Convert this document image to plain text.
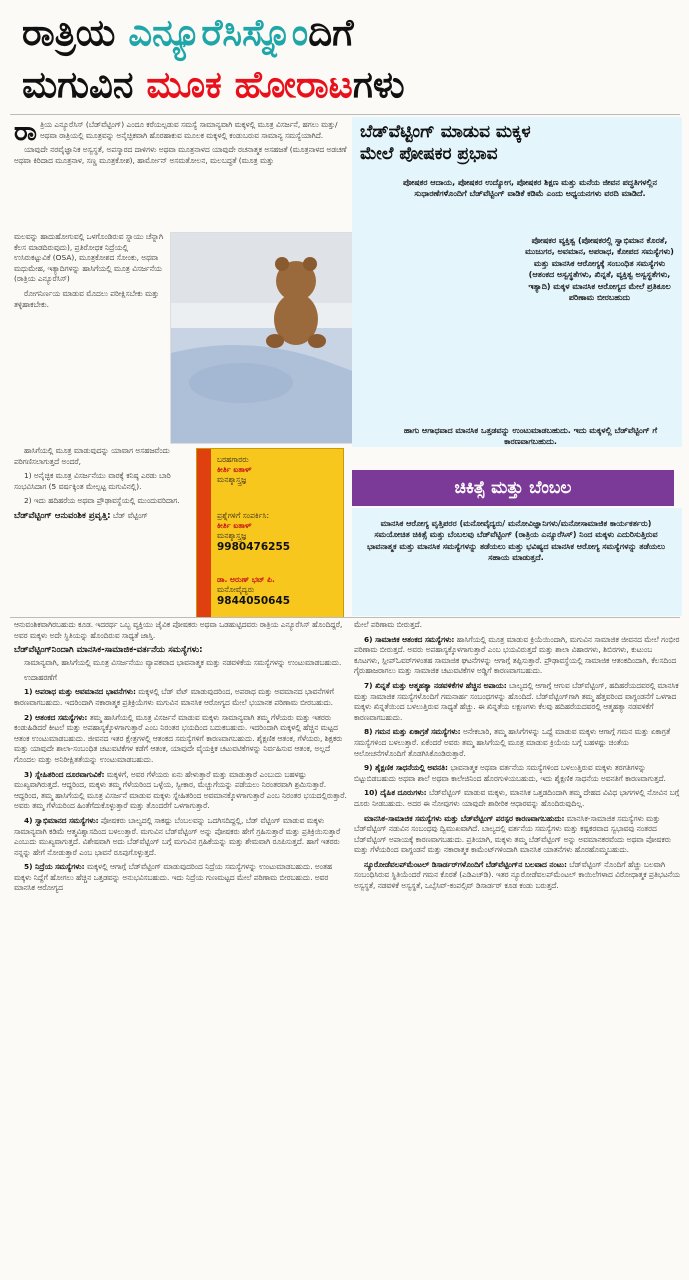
ರಾತ್ರಿಯ ಎನ್ಯೂರೆಸಿಸ್ನೊಂದಿಗೆ
ಮಗುವಿನ ಮೂಕ ಹೋರಾಟಗಳು
ರಾ ತ್ರಿಯ ಎನ್ಯೂರೆಸಿಸ್ (ಬೆಡ್‌ವೆಟ್ಟಿಂಗ್) ಎಂದೂ ಕರೆಯಲ್ಪಡುವ ಸಮಸ್ಯೆ ಸಾಮಾನ್ಯವಾಗಿ ಮಕ್ಕಳಲ್ಲಿ ಮೂತ್ರ ವಿಸರ್ಜನೆ, ಹಗಲು ಮತ್ತು/ಅಥವಾ ರಾತ್ರಿಯಲ್ಲಿ ಮೂತ್ರವನ್ನು ಅನೈಚ್ಛಿಕವಾಗಿ ಹೊರಹಾಕುವ ಮೂಲಕ ಮಕ್ಕಳಲ್ಲಿ ಕಂಡುಬರುವ ಸಾಮಾನ್ಯ ಸಮಸ್ಯೆಯಾಗಿದೆ.

ಯಾವುದೇ ನರವೈಜ್ಞಾನಿಕ ಅಸ್ವಸ್ಥತೆ, ಅಪಸ್ಮಾರದ ದಾಳಿಗಳು ಅಥವಾ ಮೂತ್ರನಾಳದ ಯಾವುದೇ ರಚನಾತ್ಮಕ ಅಸಹಜತೆ (ಮೂತ್ರನಾಳದ ಅಡಚಣೆ ಅಥವಾ ಕಿರಿದಾದ ಮೂತ್ರನಾಳ, ಸಣ್ಣ ಮೂತ್ರಕೋಶ), ಹಾರ್ಮೋನ್ ಅಸಮತೋಲನ, ಮಲಬದ್ಧತೆ (ಮೂತ್ರ ಮತ್ತು

ಮಲವನ್ನು ಹಾದುಹೋಗುವಲ್ಲಿ ಒಳಗೊಂಡಿರುವ ಸ್ನಾಯು ಚೆನ್ನಾಗಿ ಕೆಲಸ ಮಾಡದಿರುವುದು), ಪ್ರತಿರೋಧಕ ನಿದ್ರೆಯಲ್ಲಿ ಉಸಿರುಕಟ್ಟುವಿಕೆ (OSA), ಮೂತ್ರಕೋಶದ ಸೋಂಕು, ಅಥವಾ ಮಧುಮೇಹ, ಇತ್ಯಾದಿಗಳನ್ನು ಹಾಸಿಗೆಯಲ್ಲಿ ಮೂತ್ರ ವಿಸರ್ಜನೆಯ (ರಾತ್ರಿಯ ಎನ್ಯೂರೆಸಿಸ್)

ರೋಗನಿರ್ಣಯ ಮಾಡುವ ಮೊದಲು ಪರೀಕ್ಷಿಸಬೇಕು ಮತ್ತು ತಳ್ಳಿಹಾಕಬೇಕು.

ಬೆಡ್‌ವೆಟ್ಟಿಂಗ್ ಮಾಡುವ ಮಕ್ಕಳ
ಮೇಲೆ ಪೋಷಕರ ಪ್ರಭಾವ
ಪೋಷಕರ ಆದಾಯ, ಪೋಷಕರ ಉದ್ಯೋಗ, ಪೋಷಕರ ಶಿಕ್ಷಣ ಮತ್ತು ಮನೆಯ ಜೀವನ ಪದ್ಧತಿಗಳಲ್ಲಿನ ಸುಧಾರಣೆಗಳೊಂದಿಗೆ ಬೆಡ್‌ವೆಟ್ಟಿಂಗ್ ವಾಡಿಕೆ ಕಡಿಮೆ ಎಂದು ಅಧ್ಯಯನಗಳು ವರದಿ ಮಾಡಿದೆ.
ಪೋಷಕರ ವ್ಯಕ್ತಿತ್ವ (ಪೋಷಕರಲ್ಲಿ ಸ್ವಾಭಿಮಾನ ಕೊರತೆ, ಮುಜುಗರ, ಅವಮಾನ, ಅಪರಾಧ, ಕೋಪದ ಸಮಸ್ಯೆಗಳು) ಮತ್ತು ಮಾನಸಿಕ ಆರೋಗ್ಯಕ್ಕೆ ಸಂಬಂಧಿತ ಸಮಸ್ಯೆಗಳು (ಆತಂಕದ ಅಸ್ವಸ್ಥತೆಗಳು, ಖಿನ್ನತೆ, ವ್ಯಕ್ತಿತ್ವ ಅಸ್ವಸ್ಥತೆಗಳು, ಇತ್ಯಾದಿ) ಮಕ್ಕಳ ಮಾನಸಿಕ ಆರೋಗ್ಯದ ಮೇಲೆ ಪ್ರತಿಕೂಲ ಪರಿಣಾಮ ಬೀರಬಹುದು
ಹಾಗು ಆಗಾಧವಾದ ಮಾನಸಿಕ ಒತ್ತಡವನ್ನು ಉಂಟುಮಾಡಬಹುದು. ಇದು ಮಕ್ಕಳಲ್ಲಿ ಬೆಡ್‌ವೆಟ್ಟಿಂಗ್ ಗೆ ಕಾರಣವಾಗಬಹುದು.

ಹಾಸಿಗೆಯಲ್ಲಿ ಮೂತ್ರ ಮಾಡುವುದನ್ನು ಯಾವಾಗ ಅಸಹಜವೆಂದು ಪರಿಗಣಿಸಲಾಗುತ್ತದೆ ಅಂದರೆ,

1) ಅನೈಚ್ಛಿಕ ಮೂತ್ರ ವಿಸರ್ಜನೆಯು ವಾರಕ್ಕೆ ಕನಿಷ್ಠ ಎರಡು ಬಾರಿ ಸಂಭವಿಸಿದಾಗ (5 ವರ್ಷಕ್ಕಿಂತ ಮೇಲ್ಪಟ್ಟ ಮಗುವಿನಲ್ಲಿ).

2) ಇದು ಹದಿಹರೆಯ ಅಥವಾ ಪ್ರೌಢಾವಸ್ಥೆಯಲ್ಲಿ ಮುಂದುವರಿದಾಗ.

ಬೆಡ್‌ವೆಟ್ಟಿಂಗ್ ಆನುವಂಶಿಕ ಪ್ರವೃತ್ತಿ: ಬೆಡ್ ವೆಟ್ಟಿಂಗ್
ಬರಹಗಾರರು
ಕೀರ್ತಿ ಐತಾಳ್
ಮನಶ್ಶಾಸ್ತ್ರಜ್ಞ
ಪ್ರಶ್ನೆಗಳಿಗೆ ಸಂಪರ್ಕಿಸಿ:
ಕೀರ್ತಿ ಐತಾಳ್
ಮನಶ್ಶಾಸ್ತ್ರಜ್ಞ
9980476255
ಡಾ. ಅರುಣ್ ಭಟ್ ಪಿ.
ಮನೋವೈದ್ಯರು
9844050645
ಚಿಕಿತ್ಸೆ ಮತ್ತು ಬೆಂಬಲ

ಮಾನಸಿಕ ಆರೋಗ್ಯ ವೃತ್ತಿಪರರ (ಮನೋವೈದ್ಯರು/ ಮನೋವಿಜ್ಞಾನಿಗಳು/ಮನೋಸಾಮಾಜಿಕ ಕಾರ್ಯಕರ್ತರು) ಸಮಯೋಚಿತ ಚಿಕಿತ್ಸೆ ಮತ್ತು ಬೆಂಬಲವು ಬೆಡ್‌ವೆಟ್ಟಿಂಗ್ (ರಾತ್ರಿಯ ಎನ್ಯೂರೆಸಿಸ್) ನಿಂದ ಮಕ್ಕಳು ಎದುರಿಸುತ್ತಿರುವ ಭಾವನಾತ್ಮಕ ಮತ್ತು ಮಾನಸಿಕ ಸಮಸ್ಯೆಗಳನ್ನು ತಡೆಯಲು ಮತ್ತು ಭವಿಷ್ಯದ ಮಾನಸಿಕ ಆರೋಗ್ಯ ಸಮಸ್ಯೆಗಳನ್ನು ತಡೆಯಲು ಸಹಾಯ ಮಾಡುತ್ತದೆ.

ಆನುವಂಶಿಕವಾಗಿರಬಹುದು ಕೂಡ. ಇದರರ್ಥ ಒಬ್ಬ ವ್ಯಕ್ತಿಯು ಜೈವಿಕ ಪೋಷಕರು ಅಥವಾ ಒಡಹುಟ್ಟಿದವರು ರಾತ್ರಿಯ ಎನ್ಯೂರೆಸಿಸ್ ಹೊಂದಿದ್ದರೆ, ಅವರ ಮಕ್ಕಳು ಅದೇ ಸ್ಥಿತಿಯನ್ನು ಹೊಂದಿರುವ ಸಾಧ್ಯತೆ ಜಾಸ್ತಿ.

ಬೆಡ್‌ವೆಟ್ಟಿಂಗ್‌ನಿಂದಾಗಿ ಮಾನಸಿಕ-ಸಾಮಾಜಿಕ-ವರ್ತನೆಯ ಸಮಸ್ಯೆಗಳು:

ಸಾಮಾನ್ಯವಾಗಿ, ಹಾಸಿಗೆಯಲ್ಲಿ ಮೂತ್ರ ವಿಸರ್ಜನೆಯು ವ್ಯಾಪಕವಾದ ಭಾವನಾತ್ಮಕ ಮತ್ತು ನಡವಳಿಕೆಯ ಸಮಸ್ಯೆಗಳನ್ನು ಉಂಟುಮಾಡಬಹುದು.

ಉದಾಹರಣೆಗೆ

1) ಅಪರಾಧ ಮತ್ತು ಅವಮಾನದ ಭಾವನೆಗಳು: ಮಕ್ಕಳಲ್ಲಿ ಬೆಡ್ ವೆಟ್ ಮಾಡುವುದರಿಂದ, ಅಪರಾಧ ಮತ್ತು ಅವಮಾನದ ಭಾವನೆಗಳಿಗೆ ಕಾರಣವಾಗಬಹುದು. ಇದರಿಂದಾಗಿ ನಕಾರಾತ್ಮಕ ಪ್ರತಿಕ್ರಿಯೆಗಳು ಮಗುವಿನ ಮಾನಸಿಕ ಆರೋಗ್ಯದ ಮೇಲೆ ಭಯಾನಕ ಪರಿಣಾಮ ಬೀರಬಹುದು.

2) ಆತಂಕದ ಸಮಸ್ಯೆಗಳು: ತಮ್ಮ ಹಾಸಿಗೆಯಲ್ಲಿ ಮೂತ್ರ ವಿಸರ್ಜನೆ ಮಾಡುವ ಮಕ್ಕಳು ಸಾಮಾನ್ಯವಾಗಿ ತಮ್ಮ ಗೆಳೆಯರು ಮತ್ತು ಇತರರು ಕಂಡುಹಿಡಿದರೆ ಕೀಟಲೆ ಮತ್ತು ಅಪಹಾಸ್ಯಕ್ಕೊಳಗಾಗುತ್ತಾರೆ ಎಂಬ ನಿರಂತರ ಭಯದಿಂದ ಬದುಕಬಹುದು. ಇದರಿಂದಾಗಿ ಮಕ್ಕಳಲ್ಲಿ ಹೆಚ್ಚಿನ ಮಟ್ಟದ ಆತಂಕ ಉಂಟುಮಾಡಬಹುದು. ಜೀವನದ ಇತರ ಕ್ಷೇತ್ರಗಳಲ್ಲಿ ಆತಂಕದ ಸಮಸ್ಯೆಗಳಿಗೆ ಕಾರಣವಾಗಬಹುದು. ಶೈಕ್ಷಣಿಕ ಆತಂಕ, ಗೆಳೆಯರು, ಶಿಕ್ಷಕರು ಮತ್ತು ಯಾವುದೇ ಶಾಲಾ-ಸಂಬಂಧಿತ ಚಟುವಟಿಕೆಗಳ ಕಡೆಗೆ ಆತಂಕ, ಯಾವುದೇ ವೈಯಕ್ತಿಕ ಚಟುವಟಿಕೆಗಳನ್ನು ನಿರ್ವಹಿಸುವ ಆತಂಕ, ಅಲ್ಲದೆ ಗೊಂದಲ ಮತ್ತು ಅನಿರೀಕ್ಷಿತತೆಯನ್ನು ಉಂಟುಮಾಡಬಹುದು.

3) ಸ್ನೇಹಿತರಿಂದ ದೂರವಾಗುವಿಕೆ: ಮಕ್ಕಳಿಗೆ, ಅವರ ಗೆಳೆಯರು ಏನು ಹೇಳುತ್ತಾರೆ ಮತ್ತು ಮಾಡುತ್ತಾರೆ ಎಂಬುದು ಬಹಳಷ್ಟು ಮುಖ್ಯವಾಗಿರುತ್ತದೆ. ಆದ್ದರಿಂದ, ಮಕ್ಕಳು ತಮ್ಮ ಗೆಳೆಯರಿಂದ ಒಳ್ಳೆಯ, ಸ್ವೀಕಾರ, ಮೆಚ್ಚುಗೆಯನ್ನು ಪಡೆಯಲು ನಿರಂತರವಾಗಿ ಶ್ರಮಿಸುತ್ತಾರೆ. ಆದ್ದರಿಂದ, ತಮ್ಮ ಹಾಸಿಗೆಯಲ್ಲಿ ಮೂತ್ರ ವಿಸರ್ಜನೆ ಮಾಡುವ ಮಕ್ಕಳು ಸ್ನೇಹಿತರಿಂದ ಅವಮಾನಕ್ಕೊಳಗಾಗುತ್ತಾರೆ ಎಂಬ ನಿರಂತರ ಭಯದಲ್ಲಿರುತ್ತಾರೆ. ಅವರು ತಮ್ಮ ಗೆಳೆಯರಿಂದ ಹಿಂತೆಗೆದುಕೊಳ್ಳುತ್ತಾರೆ ಮತ್ತು ತೊಂದರೆಗೆ ಒಳಗಾಗುತ್ತಾರೆ.

4) ಸ್ವಾಭಿಮಾನದ ಸಮಸ್ಯೆಗಳು: ಪೋಷಕರು ಬಾಲ್ಯದಲ್ಲಿ ಸಾಕಷ್ಟು ಬೆಂಬಲವನ್ನು ಒದಗಿಸದಿದ್ದಲ್ಲಿ, ಬೆಡ್ ವೆಟ್ಟಿಂಗ್ ಮಾಡುವ ಮಕ್ಕಳು ಸಾಮಾನ್ಯವಾಗಿ ಕಡಿಮೆ ಆತ್ಮವಿಶ್ವಾಸದಿಂದ ಬಳಲುತ್ತಾರೆ. ಮಗುವಿನ ಬೆಡ್‌ವೆಟ್ಟಿಂಗ್ ಅನ್ನು ಪೋಷಕರು ಹೇಗೆ ಗ್ರಹಿಸುತ್ತಾರೆ ಮತ್ತು ಪ್ರತಿಕ್ರಿಯಿಸುತ್ತಾರೆ ಎಂಬುದು ಮುಖ್ಯವಾಗುತ್ತದೆ. ವಿಶೇಷವಾಗಿ ಅದು ಬೆಡ್‌ವೆಟ್ಟಿಂಗ್ ಬಗ್ಗೆ ಮಗುವಿನ ಗ್ರಹಿಕೆಯನ್ನು ಮತ್ತು ಶೇಮವಾಗಿ ರೂಪಿಸುತ್ತದೆ. ಹಾಗೆ ಇತರರು ನನ್ನನ್ನು ಹೇಗೆ ನೋಡುತ್ತಾರೆ ಎಂಬ ಭಾವನೆ ರೂಪುಗೊಳ್ಳುತ್ತದೆ.

5) ನಿದ್ರೆಯ ಸಮಸ್ಯೆಗಳು: ಮಕ್ಕಳಲ್ಲಿ ಆಗಾಗ್ಗೆ ಬೆಡ್‌ವೆಟ್ಟಿಂಗ್ ಮಾಡುವುದರಿಂದ ನಿದ್ರೆಯ ಸಮಸ್ಯೆಗಳನ್ನು ಉಂಟುಮಾಡಬಹುದು. ಅಂತಹ ಮಕ್ಕಳು ನಿದ್ದೆಗೆ ಹೋಗಲು ಹೆಚ್ಚಿನ ಒತ್ತಡವನ್ನು ಅನುಭವಿಸಬಹುದು. ಇದು ನಿದ್ರೆಯ ಗುಣಮಟ್ಟದ ಮೇಲೆ ಪರಿಣಾಮ ಬೀರಬಹುದು. ಅವರ ಮಾನಸಿಕ ಆರೋಗ್ಯದ

ಮೇಲೆ ಪರಿಣಾಮ ಬೀರುತ್ತದೆ.

6) ಸಾಮಾಜಿಕ ಆತಂಕದ ಸಮಸ್ಯೆಗಳು: ಹಾಸಿಗೆಯಲ್ಲಿ ಮೂತ್ರ ಮಾಡುವ ಕ್ರಿಯೆಯಿಂದಾಗಿ, ಮಗುವಿನ ಸಾಮಾಜಿಕ ಜೀವನದ ಮೇಲೆ ಗಂಭೀರ ಪರಿಣಾಮ ಬೀರುತ್ತದೆ. ಅವರು ಅಪಹಾಸ್ಯಕ್ಕೊಳಗಾಗುತ್ತಾರೆ ಎಂಬ ಭಯವಿರುತ್ತದೆ ಮತ್ತು ಶಾಲಾ ವಿಹಾರಗಳು, ಶಿಬಿರಗಳು, ಕುಟುಂಬ ಕೂಟಗಳು, ಸ್ಲೀಪ್‌ಓವರ್‌ಗಳಂತಹ ಸಾಮಾಜಿಕ ಘಟನೆಗಳನ್ನು ಆಗಾಗ್ಗೆ ತಪ್ಪಿಸುತ್ತಾರೆ. ಪ್ರೌಢಾವಸ್ಥೆಯಲ್ಲಿ ಸಾಮಾಜಿಕ ಆತಂಕದಿಂದಾಗಿ, ಕೆಲಸದಿಂದ ಗೈರುಹಾಜರಾಗಲು ಮತ್ತು ಸಾಮಾಜಿಕ ಚಟುವಟಿಕೆಗಳ ಅಡ್ಡಿಗೆ ಕಾರಣವಾಗಬಹುದು.

7) ಖಿನ್ನತೆ ಮತ್ತು ಆತ್ಮಹತ್ಯಾ ನಡವಳಿಕೆಗಳ ಹೆಚ್ಚಿನ ಅಪಾಯ: ಬಾಲ್ಯದಲ್ಲಿ ಆಗಾಗ್ಗೆ ಆಗುವ ಬೆಡ್‌ವೆಟ್ಟಿಂಗ್, ಹದಿಹರೆಯದವರಲ್ಲಿ ಮಾನಸಿಕ ಮತ್ತು ಸಾಮಾಜಿಕ ಸಮಸ್ಯೆಗಳೊಂದಿಗೆ ಗಮನಾರ್ಹ ಸಂಬಂಧಗಳನ್ನು ಹೊಂದಿದೆ. ಬೆಡ್‌ವೆಟ್ಟಿಂಗ್‌ಗಾಗಿ ತಮ್ಮ ಹೆತ್ತವರಿಂದ ವಾಗ್ದಂಡನೆಗೆ ಒಳಗಾದ ಮಕ್ಕಳು ಖಿನ್ನತೆಯಿಂದ ಬಳಲುತ್ತಿರುವ ಸಾಧ್ಯತೆ ಹೆಚ್ಚು. ಈ ಖಿನ್ನತೆಯ ಲಕ್ಷಣಗಳು ಕೆಲವು ಹದಿಹರೆಯದವರಲ್ಲಿ ಆತ್ಮಹತ್ಯಾ ನಡವಳಿಕೆಗೆ ಕಾರಣವಾಗಬಹುದು.

8) ಗಮನ ಮತ್ತು ಏಕಾಗ್ರತೆ ಸಮಸ್ಯೆಗಳು: ಅನೇಕಬಾರಿ, ತಮ್ಮ ಹಾಸಿಗೆಗಳನ್ನು ಒದ್ದೆ ಮಾಡುವ ಮಕ್ಕಳು ಆಗಾಗ್ಗೆ ಗಮನ ಮತ್ತು ಏಕಾಗ್ರತೆ ಸಮಸ್ಯೆಗಳಿಂದ ಬಳಲುತ್ತಾರೆ. ಏಕೆಂದರೆ ಅವರು ತಮ್ಮ ಹಾಸಿಗೆಯಲ್ಲಿ ಮೂತ್ರ ಮಾಡುವ ಕ್ರಿಯೆಯ ಬಗ್ಗೆ ಬಹಳಷ್ಟು ಚಿಂತೆಯ ಆಲೋಚನೆಗಳೊಂದಿಗೆ ತೊಡಗಿಸಿಕೊಂಡಿರುತ್ತಾರೆ.

9) ಶೈಕ್ಷಣಿಕ ಸಾಧನೆಯಲ್ಲಿ ಅವನತಿ: ಭಾವನಾತ್ಮಕ ಅಥವಾ ವರ್ತನೆಯ ಸಮಸ್ಯೆಗಳಿಂದ ಬಳಲುತ್ತಿರುವ ಮಕ್ಕಳು ತರಗತಿಗಳನ್ನು ಬಿಟ್ಟುಬಿಡಬಹುದು ಅಥವಾ ಶಾಲೆ ಅಥವಾ ಕಾಲೇಜಿನಿಂದ ಹೊರಗುಳಿಯಬಹುದು, ಇದು ಶೈಕ್ಷಣಿಕ ಸಾಧನೆಯ ಅವನತಿಗೆ ಕಾರಣವಾಗುತ್ತದೆ.

10) ದೈಹಿಕ ದೂರುಗಳು: ಬೆಡ್‌ವೆಟ್ಟಿಂಗ್ ಮಾಡುವ ಮಕ್ಕಳು, ಮಾನಸಿಕ ಒತ್ತಡದಿಂದಾಗಿ ತಮ್ಮ ದೇಹದ ವಿವಿಧ ಭಾಗಗಳಲ್ಲಿ ನೋವಿನ ಬಗ್ಗೆ ದೂರು ನೀಡಬಹುದು. ಅದರ ಈ ನೋವುಗಳು ಯಾವುದೇ ಶಾರೀರಿಕ ಆಧಾರವನ್ನು ಹೊಂದಿರುವುದಿಲ್ಲ.

ಮಾನಸಿಕ-ಸಾಮಾಜಿಕ ಸಮಸ್ಯೆಗಳು ಮತ್ತು ಬೆಡ್‌ವೆಟ್ಟಿಂಗ್ ಪರಸ್ಪರ ಕಾರಣವಾಗಬಹುದು: ಮಾನಸಿಕ-ಸಾಮಾಜಿಕ ಸಮಸ್ಯೆಗಳು ಮತ್ತು ಬೆಡ್‌ವೆಟ್ಟಿಂಗ್ ನಡುವಿನ ಸಂಬಂಧವು ದ್ವಿಮುಖವಾಗಿದೆ. ಬಾಲ್ಯದಲ್ಲಿ ವರ್ತನೆಯ ಸಮಸ್ಯೆಗಳು ಮತ್ತು ಕಷ್ಟಕರವಾದ ಸ್ವಭಾವವು ನಂತರದ ಬೆಡ್‌ವೆಟ್ಟಿಂಗ್ ಅಪಾಯಕ್ಕೆ ಕಾರಣವಾಗಬಹುದು. ಪ್ರತಿಯಾಗಿ, ಮಕ್ಕಳು ತಮ್ಮ ಬೆಡ್‌ವೆಟ್ಟಿಂಗ್ ಅನ್ನು ಅವಮಾನಕರವೆಂದು ಅಥವಾ ಪೋಷಕರು ಮತ್ತು ಗೆಳೆಯರಿಂದ ವಾಗ್ದಂಡನೆ ಮತ್ತು ನಕಾರಾತ್ಮಕ ಕಾಮೆಂಟ್‌ಗಳಿಂದಾಗಿ ಮಾನಸಿಕ ಯಾತನೆಗಳು ಹೊರಹೊಮ್ಮಬಹುದು.

ನ್ಯೂರೋಡೆವಲಪ್‌ಮೆಂಟಲ್ ಡಿಸಾರ್ಡರ್‌ಗಳೊಂದಿಗೆ ಬೆಡ್‌ವೆಟ್ಟಿಂಗ್‌ನ ಬಲವಾದ ನಂಟು: ಬೆಡ್‌ವೆಟ್ಟಿಂಗ್ ನೊಂದಿಗೆ ಹೆಚ್ಚು ಬಲವಾಗಿ ಸಂಬಂಧಿಸಿರುವ ಸ್ಥಿತಿಯೆಂದರೆ ಗಮನ ಕೊರತೆ (ಎಡಿಎಚ್‌ಡಿ). ಇತರ ನ್ಯೂರೋಡೆವಲಪ್‌ಮೆಂಟಲ್ ಕಾಯಿಲೆಗಳಾದ ವಿರೋಧಾತ್ಮಕ ಪ್ರತಿಭಟನೆಯ ಅಸ್ವಸ್ಥತೆ, ನಡವಳಿಕೆ ಅಸ್ವಸ್ಥತೆ, ಒಬ್ಸೆಸಿವ್-ಕಂಪಲ್ಸಿವ್ ಡಿಸಾರ್ಡರ್ ಕೂಡ ಕಂಡು ಬರುತ್ತದೆ.
